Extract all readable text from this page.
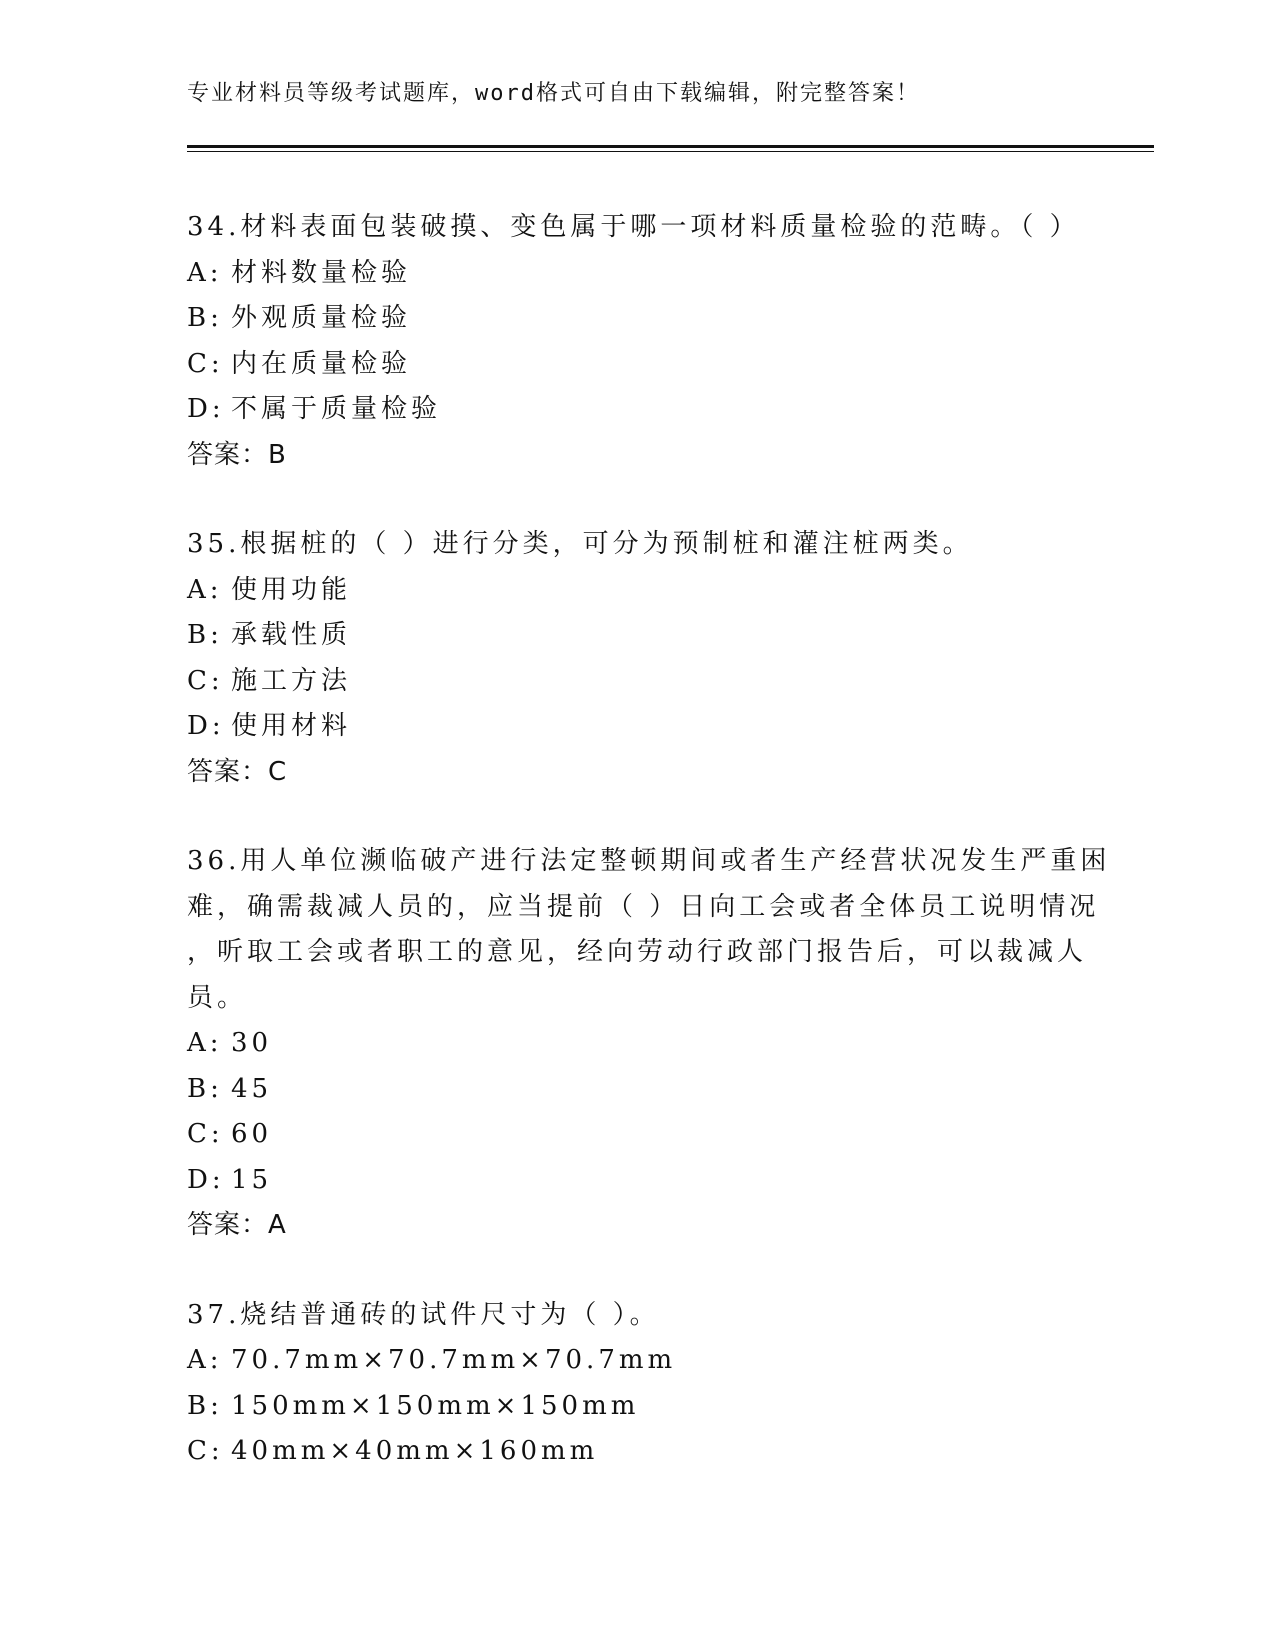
专业材料员等级考试题库，word格式可自由下载编辑，附完整答案！
34.材料表面包装破摸、变色属于哪一项材料质量检验的范畴。（ ）
A: 材料数量检验
B: 外观质量检验
C: 内在质量检验
D: 不属于质量检验
答案：B
35.根据桩的（ ）进行分类，可分为预制桩和灌注桩两类。
A: 使用功能
B: 承载性质
C: 施工方法
D: 使用材料
答案：C
36.用人单位濒临破产进行法定整顿期间或者生产经营状况发生严重困
难，确需裁减人员的，应当提前（ ）日向工会或者全体员工说明情况
，听取工会或者职工的意见，经向劳动行政部门报告后，可以裁减人
员。
A: 30
B: 45
C: 60
D: 15
答案：A
37.烧结普通砖的试件尺寸为（ ）。
A: 70.7mm×70.7mm×70.7mm
B: 150mm×150mm×150mm
C: 40mm×40mm×160mm
